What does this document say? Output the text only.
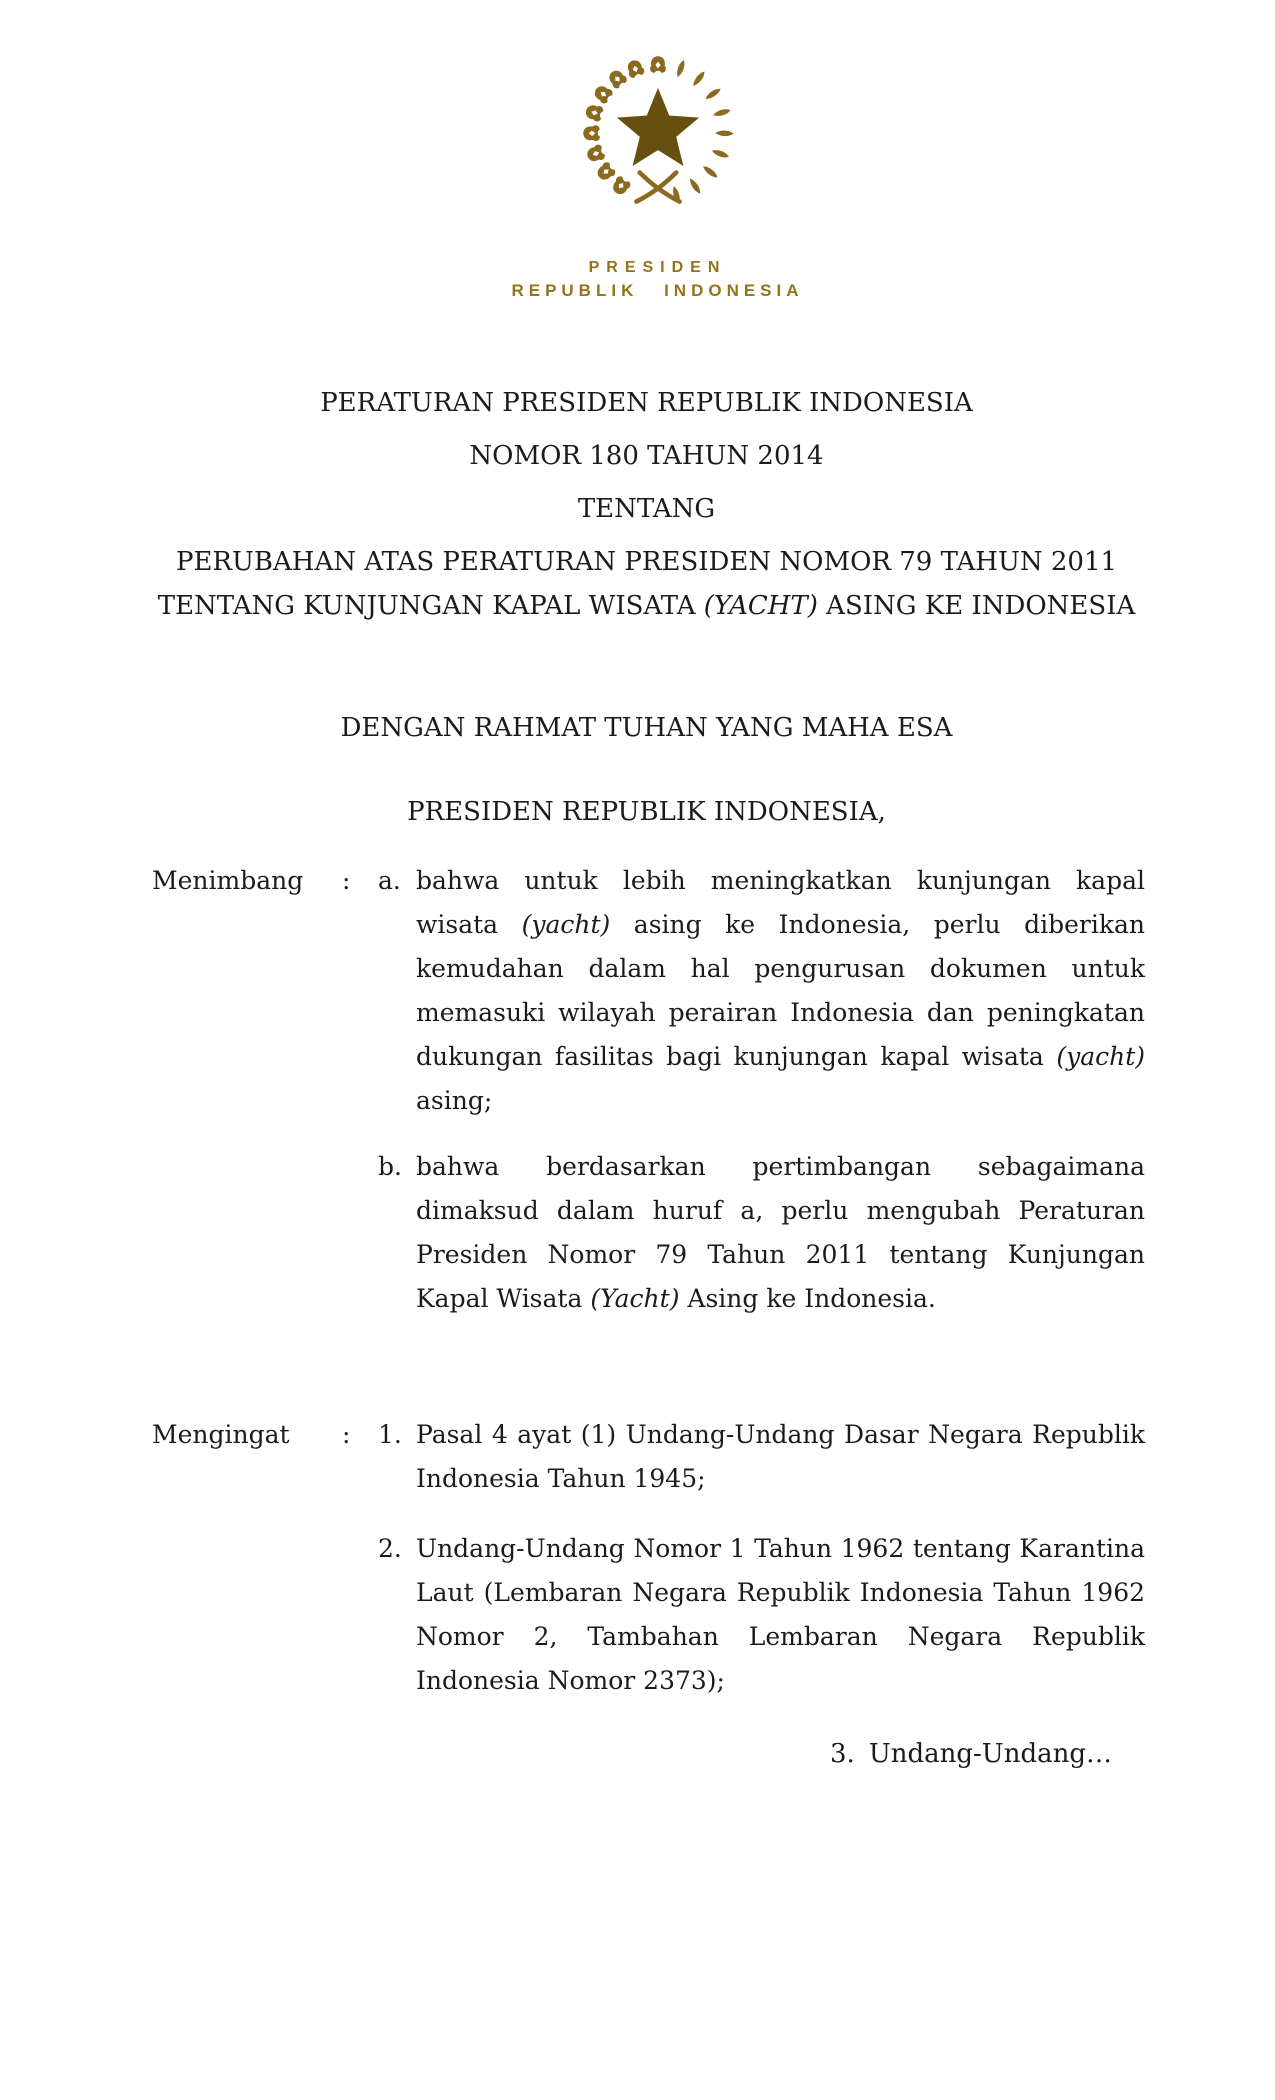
PRESIDEN
REPUBLIK INDONESIA
PERATURAN PRESIDEN REPUBLIK INDONESIA
NOMOR 180 TAHUN 2014
TENTANG
PERUBAHAN ATAS PERATURAN PRESIDEN NOMOR 79 TAHUN 2011
TENTANG KUNJUNGAN KAPAL WISATA (YACHT) ASING KE INDONESIA
DENGAN RAHMAT TUHAN YANG MAHA ESA
PRESIDEN REPUBLIK INDONESIA,
Menimbang	:	a. bahwa untuk lebih meningkatkan kunjungan kapal
wisata (yacht) asing ke Indonesia, perlu diberikan
kemudahan dalam hal pengurusan dokumen untuk
memasuki wilayah perairan Indonesia dan peningkatan
dukungan fasilitas bagi kunjungan kapal wisata (yacht)
asing;
b. bahwa berdasarkan pertimbangan sebagaimana
dimaksud dalam huruf a, perlu mengubah Peraturan
Presiden Nomor 79 Tahun 2011 tentang Kunjungan
Kapal Wisata (Yacht) Asing ke Indonesia.
Mengingat	:	1. Pasal 4 ayat (1) Undang-Undang Dasar Negara Republik
Indonesia Tahun 1945;
2. Undang-Undang Nomor 1 Tahun 1962 tentang Karantina
Laut (Lembaran Negara Republik Indonesia Tahun 1962
Nomor 2, Tambahan Lembaran Negara Republik
Indonesia Nomor 2373);
3. Undang-Undang…
